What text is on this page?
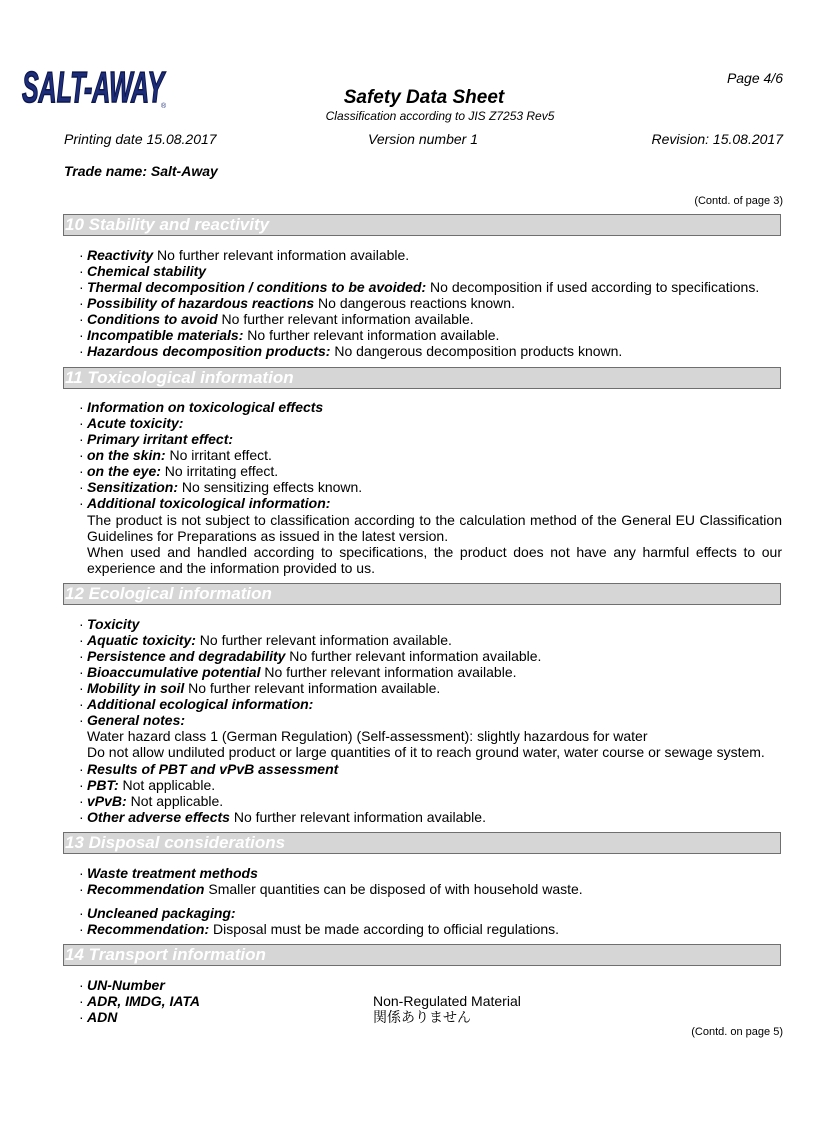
SALT-AWAY
®
Page 4/6
Safety Data Sheet
Classification according to JIS Z7253 Rev5
Printing date 15.08.2017	Version number 1	Revision: 15.08.2017
Trade name: Salt-Away
(Contd. of page 3)
10 Stability and reactivity
· Reactivity No further relevant information available.
· Chemical stability
· Thermal decomposition / conditions to be avoided: No decomposition if used according to specifications.
· Possibility of hazardous reactions No dangerous reactions known.
· Conditions to avoid No further relevant information available.
· Incompatible materials: No further relevant information available.
· Hazardous decomposition products: No dangerous decomposition products known.
11 Toxicological information
· Information on toxicological effects
· Acute toxicity:
· Primary irritant effect:
· on the skin: No irritant effect.
· on the eye: No irritating effect.
· Sensitization: No sensitizing effects known.
· Additional toxicological information:
The product is not subject to classification according to the calculation method of the General EU Classification Guidelines for Preparations as issued in the latest version.
When used and handled according to specifications, the product does not have any harmful effects to our experience and the information provided to us.
12 Ecological information
· Toxicity
· Aquatic toxicity: No further relevant information available.
· Persistence and degradability No further relevant information available.
· Bioaccumulative potential No further relevant information available.
· Mobility in soil No further relevant information available.
· Additional ecological information:
· General notes:
Water hazard class 1 (German Regulation) (Self-assessment): slightly hazardous for water
Do not allow undiluted product or large quantities of it to reach ground water, water course or sewage system.
· Results of PBT and vPvB assessment
· PBT: Not applicable.
· vPvB: Not applicable.
· Other adverse effects No further relevant information available.
13 Disposal considerations
· Waste treatment methods
· Recommendation Smaller quantities can be disposed of with household waste.
· Uncleaned packaging:
· Recommendation: Disposal must be made according to official regulations.
14 Transport information
· UN-Number
· ADR, IMDG, IATA	Non-Regulated Material
· ADN	関係ありません
(Contd. on page 5)
